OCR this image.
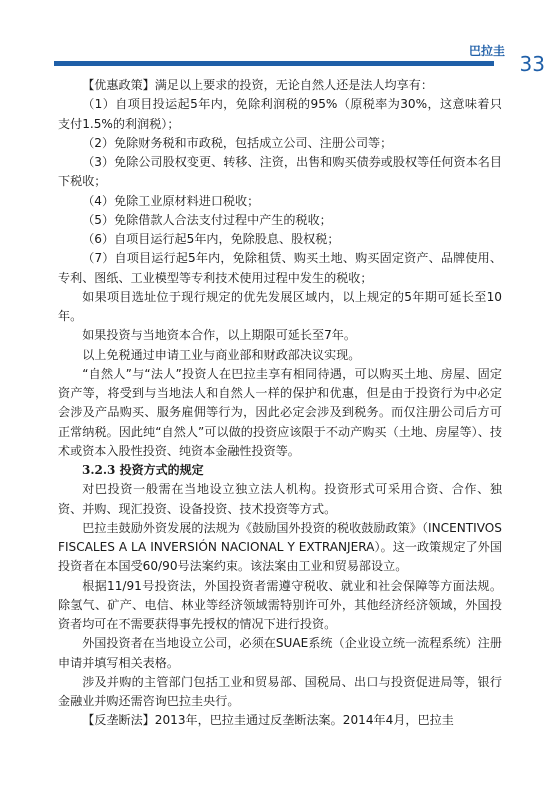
巴拉圭
33

【优惠政策】满足以上要求的投资，无论自然人还是法人均享有：

（1）自项目投运起5年内，免除利润税的95%（原税率为30%，这意味着只支付1.5%的利润税）；

（2）免除财务税和市政税，包括成立公司、注册公司等；

（3）免除公司股权变更、转移、注资，出售和购买债券或股权等任何资本名目下税收；

（4）免除工业原材料进口税收；

（5）免除借款人合法支付过程中产生的税收；

（6）自项目运行起5年内，免除股息、股权税；

（7）自项目运行起5年内，免除租赁、购买土地、购买固定资产、品牌使用、专利、图纸、工业模型等专利技术使用过程中发生的税收；

如果项目选址位于现行规定的优先发展区域内，以上规定的5年期可延长至10年。

如果投资与当地资本合作，以上期限可延长至7年。

以上免税通过申请工业与商业部和财政部决议实现。

“自然人”与“法人”投资人在巴拉圭享有相同待遇，可以购买土地、房屋、固定资产等，将受到与当地法人和自然人一样的保护和优惠，但是由于投资行为中必定会涉及产品购买、服务雇佣等行为，因此必定会涉及到税务。而仅注册公司后方可正常纳税。因此纯“自然人”可以做的投资应该限于不动产购买（土地、房屋等）、技术或资本入股性投资、纯资本金融性投资等。

3.2.3 投资方式的规定

对巴投资一般需在当地设立独立法人机构。投资形式可采用合资、合作、独资、并购、现汇投资、设备投资、技术投资等方式。

巴拉圭鼓励外资发展的法规为《鼓励国外投资的税收鼓励政策》（INCENTIVOS FISCALES A LA INVERSIÓN NACIONAL Y EXTRANJERA）。这一政策规定了外国投资者在本国受60/90号法案约束。该法案由工业和贸易部设立。

根据11/91号投资法，外国投资者需遵守税收、就业和社会保障等方面法规。除氢气、矿产、电信、林业等经济领域需特别许可外，其他经济经济领域，外国投资者均可在不需要获得事先授权的情况下进行投资。

外国投资者在当地设立公司，必须在SUAE系统（企业设立统一流程系统）注册申请并填写相关表格。

涉及并购的主管部门包括工业和贸易部、国税局、出口与投资促进局等，银行金融业并购还需咨询巴拉圭央行。

【反垄断法】2013年，巴拉圭通过反垄断法案。2014年4月，巴拉圭
